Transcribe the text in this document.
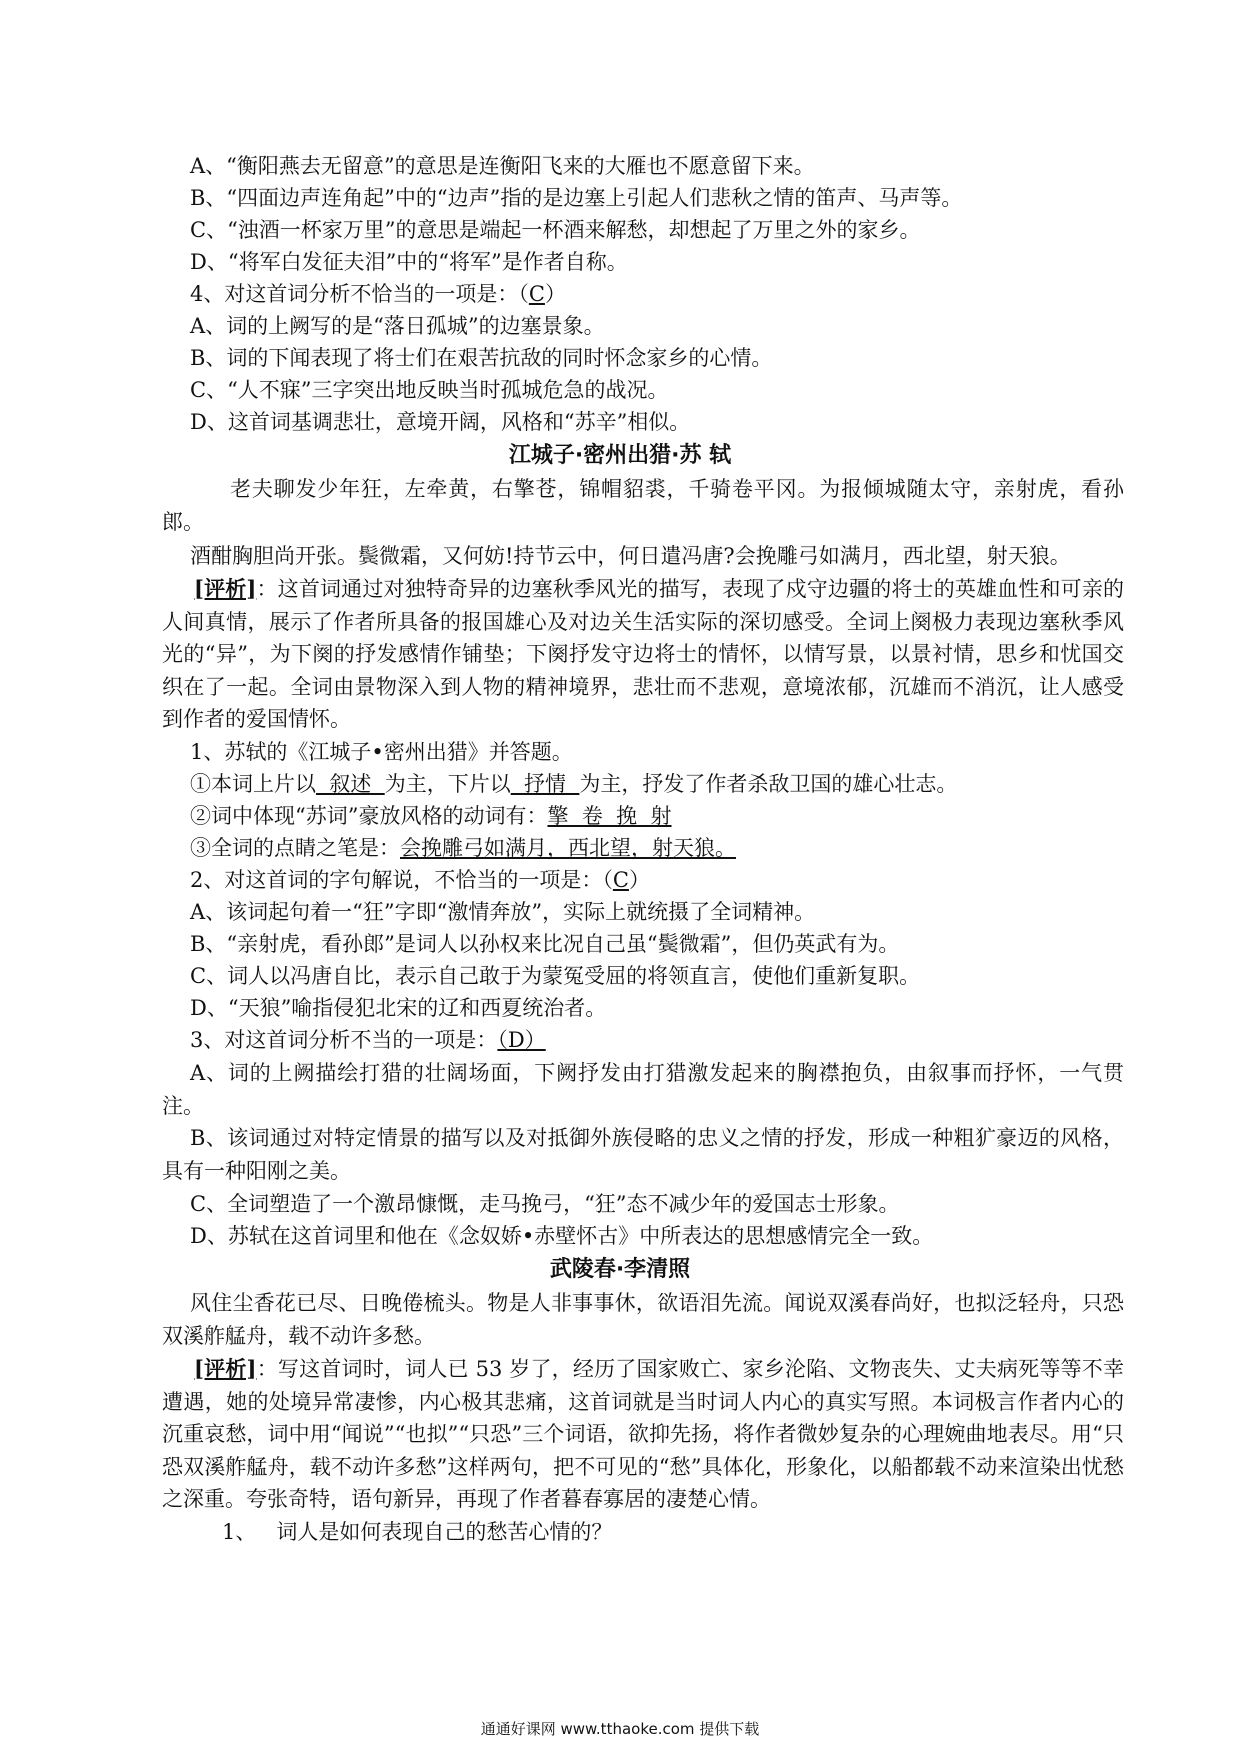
A、“衡阳燕去无留意”的意思是连衡阳飞来的大雁也不愿意留下来。
B、“四面边声连角起”中的“边声”指的是边塞上引起人们悲秋之情的笛声、马声等。
C、“浊酒一杯家万里”的意思是端起一杯酒来解愁，却想起了万里之外的家乡。
D、“将军白发征夫泪”中的“将军”是作者自称。
4、对这首词分析不恰当的一项是：（C）
A、词的上阙写的是“落日孤城”的边塞景象。
B、词的下闻表现了将士们在艰苦抗敌的同时怀念家乡的心情。
C、“人不寐”三字突出地反映当时孤城危急的战况。
D、这首词基调悲壮，意境开阔，风格和“苏辛”相似。
江城子·密州出猎·苏 轼
老夫聊发少年狂，左牵黄，右擎苍，锦帽貂裘，千骑卷平冈。为报倾城随太守，亲射虎，看孙郎。
酒酣胸胆尚开张。鬓微霜，又何妨!持节云中，何日遣冯唐?会挽雕弓如满月，西北望，射天狼。
[评析]：这首词通过对独特奇异的边塞秋季风光的描写，表现了戍守边疆的将士的英雄血性和可亲的人间真情，展示了作者所具备的报国雄心及对边关生活实际的深切感受。全词上阕极力表现边塞秋季风光的“异”，为下阕的抒发感情作铺垫；下阕抒发守边将士的情怀，以情写景，以景衬情，思乡和忧国交织在了一起。全词由景物深入到人物的精神境界，悲壮而不悲观，意境浓郁，沉雄而不消沉，让人感受到作者的爱国情怀。
1、苏轼的《江城子•密州出猎》并答题。
①本词上片以  叙述  为主，下片以  抒情  为主，抒发了作者杀敌卫国的雄心壮志。
②词中体现“苏词”豪放风格的动词有：擎  卷  挽  射
③全词的点睛之笔是：会挽雕弓如满月，西北望，射天狼。
2、对这首词的字句解说，不恰当的一项是：（C）
A、该词起句着一“狂”字即“激情奔放”，实际上就统摄了全词精神。
B、“亲射虎，看孙郎”是词人以孙权来比况自己虽“鬓微霜”，但仍英武有为。
C、词人以冯唐自比，表示自己敢于为蒙冤受屈的将领直言，使他们重新复职。
D、“天狼”喻指侵犯北宋的辽和西夏统治者。
3、对这首词分析不当的一项是：（D）
A、词的上阙描绘打猎的壮阔场面，下阙抒发由打猎激发起来的胸襟抱负，由叙事而抒怀，一气贯注。
B、该词通过对特定情景的描写以及对抵御外族侵略的忠义之情的抒发，形成一种粗犷豪迈的风格，具有一种阳刚之美。
C、全词塑造了一个激昂慷慨，走马挽弓，“狂”态不减少年的爱国志士形象。
D、苏轼在这首词里和他在《念奴娇•赤壁怀古》中所表达的思想感情完全一致。
武陵春·李清照
风住尘香花已尽、日晚倦梳头。物是人非事事休，欲语泪先流。闻说双溪春尚好，也拟泛轻舟，只恐双溪舴艋舟，载不动许多愁。
[评析]：写这首词时，词人已 53 岁了，经历了国家败亡、家乡沦陷、文物丧失、丈夫病死等等不幸遭遇，她的处境异常凄惨，内心极其悲痛，这首词就是当时词人内心的真实写照。本词极言作者内心的沉重哀愁，词中用“闻说”“也拟”“只恐”三个词语，欲抑先扬，将作者微妙复杂的心理婉曲地表尽。用“只恐双溪舴艋舟，载不动许多愁”这样两句，把不可见的“愁”具体化，形象化，以船都载不动来渲染出忧愁之深重。夸张奇特，语句新异，再现了作者暮春寡居的凄楚心情。
1、   词人是如何表现自己的愁苦心情的？
通通好课网 www.tthaoke.com 提供下载
